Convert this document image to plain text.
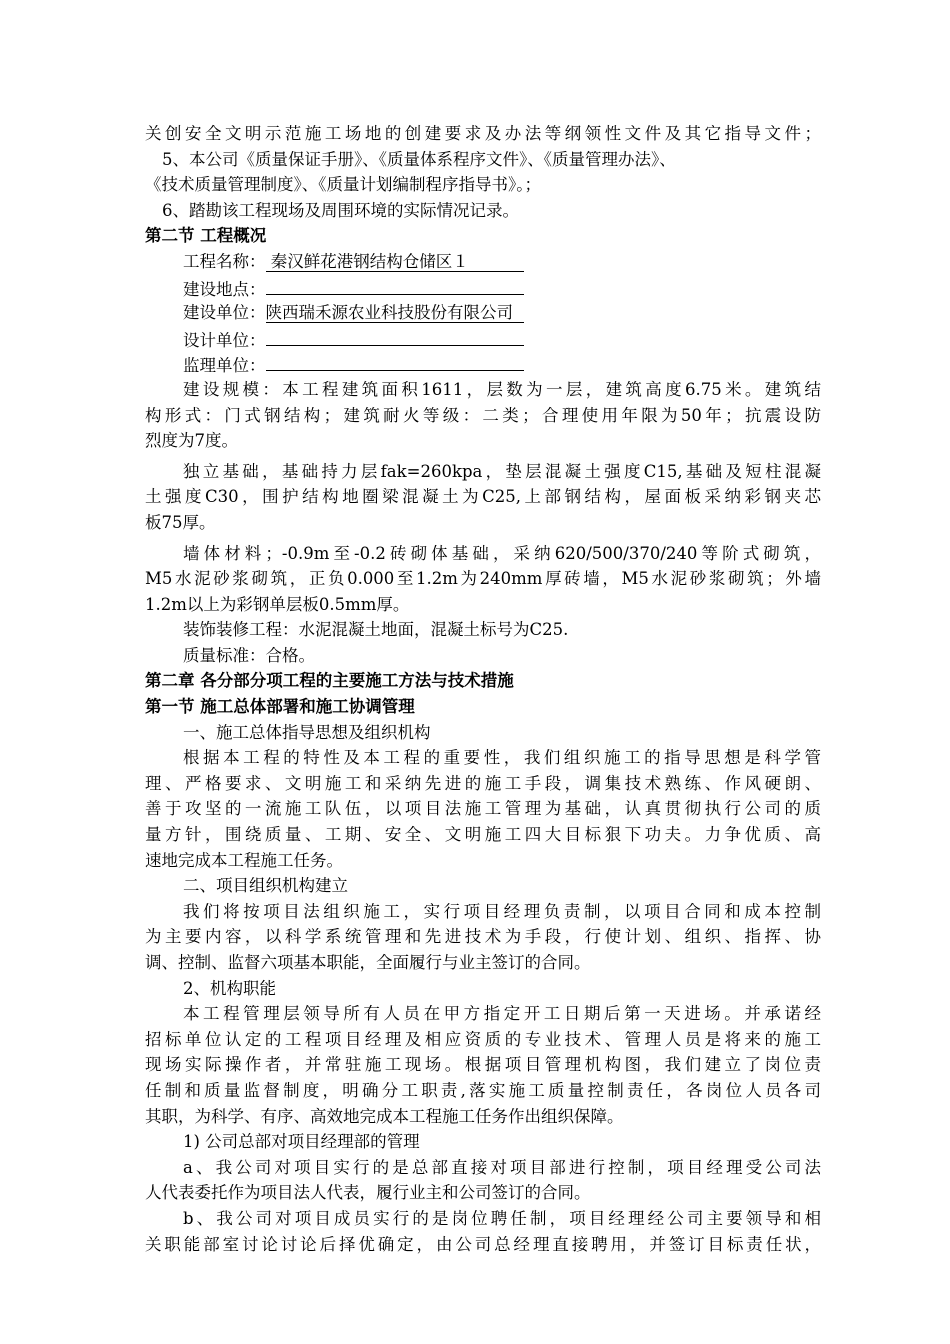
关创安全文明示范施工场地的创建要求及办法等纲领性文件及其它指导文件；
5、本公司《质量保证手册》、《质量体系程序文件》、《质量管理办法》、
《技术质量管理制度》、《质量计划编制程序指导书》。；
6、踏勘该工程现场及周围环境的实际情况记录。
第二节 工程概况
工程名称： 秦汉鲜花港钢结构仓储区１
建设地点：
建设单位：陕西瑞禾源农业科技股份有限公司
设计单位：
监理单位：
建设规模：本工程建筑面积1611，层数为一层，建筑高度6.75米。建筑结
构形式：门式钢结构；建筑耐火等级：二类；合理使用年限为50年；抗震设防
烈度为7度。
独立基础，基础持力层fak=260kpa，垫层混凝土强度C15,基础及短柱混凝
土强度C30，围护结构地圈梁混凝土为C25,上部钢结构，屋面板采纳彩钢夹芯
板75厚。
墙体材料；-0.9m至-0.2砖砌体基础，采纳620/500/370/240等阶式砌筑，
M5水泥砂浆砌筑，正负0.000至1.2m为240mm厚砖墙，M5水泥砂浆砌筑；外墙
1.2m以上为彩钢单层板0.5mm厚。
装饰装修工程：水泥混凝土地面，混凝土标号为C25.
质量标准：合格。
第二章 各分部分项工程的主要施工方法与技术措施
第一节 施工总体部署和施工协调管理
一、施工总体指导思想及组织机构
根据本工程的特性及本工程的重要性，我们组织施工的指导思想是科学管
理、严格要求、文明施工和采纳先进的施工手段，调集技术熟练、作风硬朗、
善于攻坚的一流施工队伍，以项目法施工管理为基础，认真贯彻执行公司的质
量方针，围绕质量、工期、安全、文明施工四大目标狠下功夫。力争优质、高
速地完成本工程施工任务。
二、项目组织机构建立
我们将按项目法组织施工，实行项目经理负责制，以项目合同和成本控制
为主要内容，以科学系统管理和先进技术为手段，行使计划、组织、指挥、协
调、控制、监督六项基本职能，全面履行与业主签订的合同。
2、机构职能
本工程管理层领导所有人员在甲方指定开工日期后第一天进场。并承诺经
招标单位认定的工程项目经理及相应资质的专业技术、管理人员是将来的施工
现场实际操作者，并常驻施工现场。根据项目管理机构图，我们建立了岗位责
任制和质量监督制度，明确分工职责,落实施工质量控制责任，各岗位人员各司
其职，为科学、有序、高效地完成本工程施工任务作出组织保障。
1) 公司总部对项目经理部的管理
a、我公司对项目实行的是总部直接对项目部进行控制，项目经理受公司法
人代表委托作为项目法人代表，履行业主和公司签订的合同。
b、我公司对项目成员实行的是岗位聘任制，项目经理经公司主要领导和相
关职能部室讨论讨论后择优确定，由公司总经理直接聘用，并签订目标责任状，
